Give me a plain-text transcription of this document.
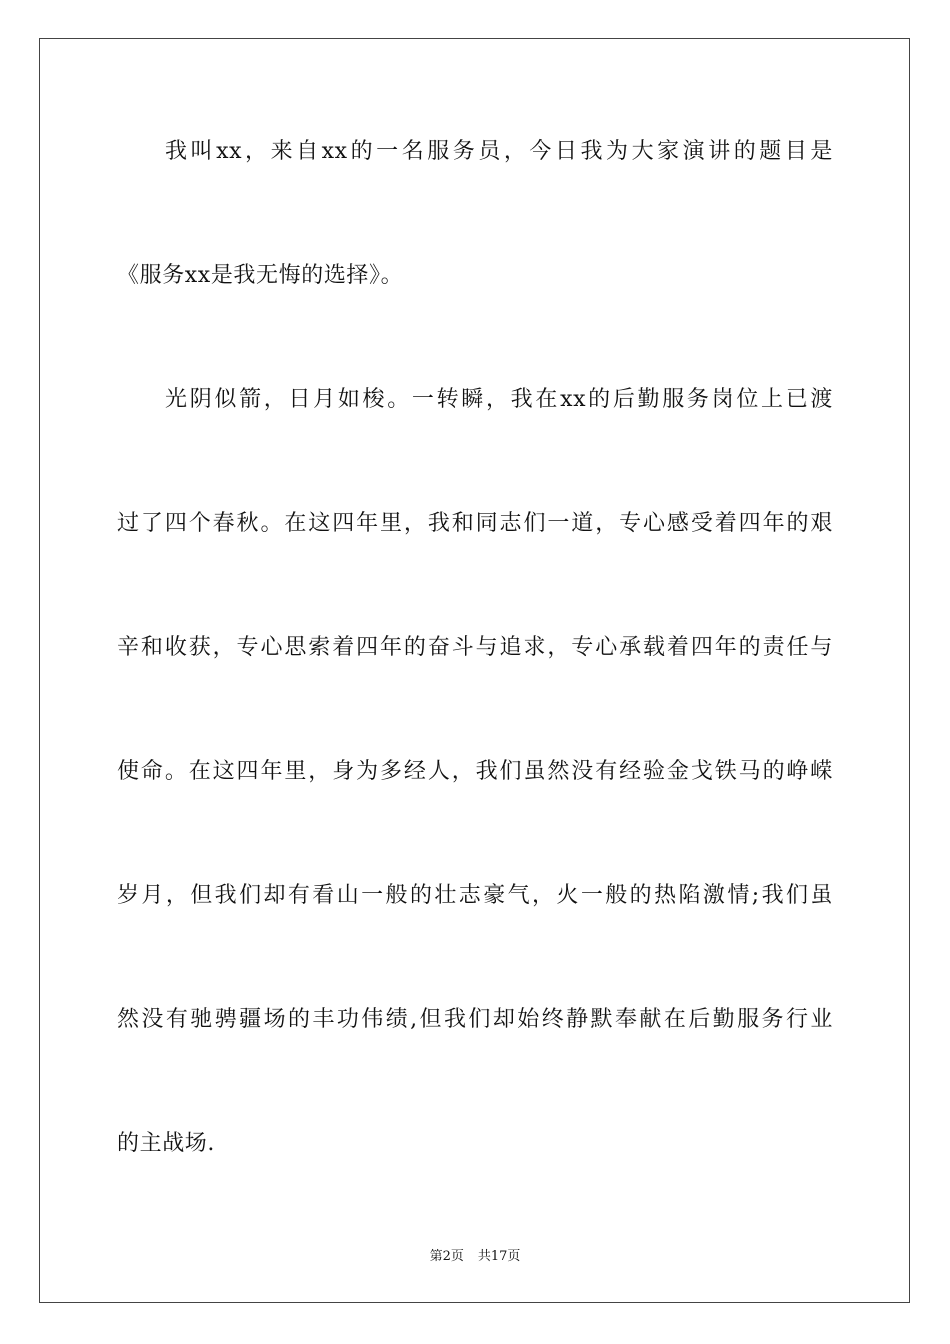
我叫xx，来自xx的一名服务员，今日我为大家演讲的题目是
《服务xx是我无悔的选择》。
光阴似箭，日月如梭。一转瞬，我在xx的后勤服务岗位上已渡
过了四个春秋。在这四年里，我和同志们一道，专心感受着四年的艰
辛和收获，专心思索着四年的奋斗与追求，专心承载着四年的责任与
使命。在这四年里，身为多经人，我们虽然没有经验金戈铁马的峥嵘
岁月，但我们却有看山一般的壮志豪气，火一般的热陷激情;我们虽
然没有驰骋疆场的丰功伟绩,但我们却始终静默奉献在后勤服务行业
的主战场.
第2页 共17页
